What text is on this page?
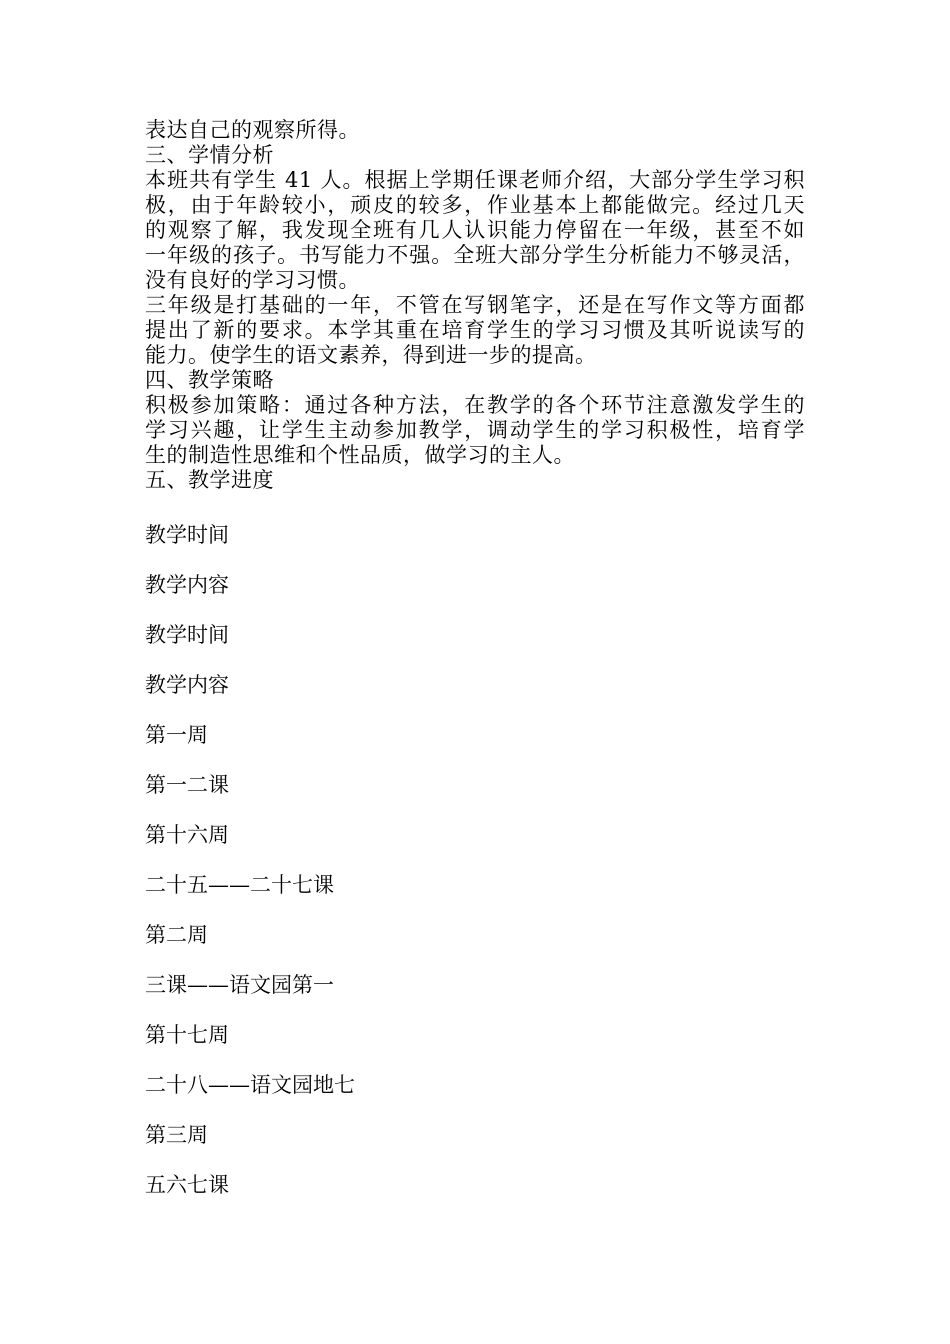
表达自己的观察所得。
三、学情分析
本班共有学生 41 人。根据上学期任课老师介绍，大部分学生学习积
极，由于年龄较小，顽皮的较多，作业基本上都能做完。经过几天
的观察了解，我发现全班有几人认识能力停留在一年级，甚至不如
一年级的孩子。书写能力不强。全班大部分学生分析能力不够灵活，
没有良好的学习习惯。
三年级是打基础的一年，不管在写钢笔字，还是在写作文等方面都
提出了新的要求。本学其重在培育学生的学习习惯及其听说读写的
能力。使学生的语文素养，得到进一步的提高。
四、教学策略
积极参加策略：通过各种方法，在教学的各个环节注意激发学生的
学习兴趣，让学生主动参加教学，调动学生的学习积极性，培育学
生的制造性思维和个性品质，做学习的主人。
五、教学进度
教学时间
教学内容
教学时间
教学内容
第一周
第一二课
第十六周
二十五——二十七课
第二周
三课——语文园第一
第十七周
二十八——语文园地七
第三周
五六七课
